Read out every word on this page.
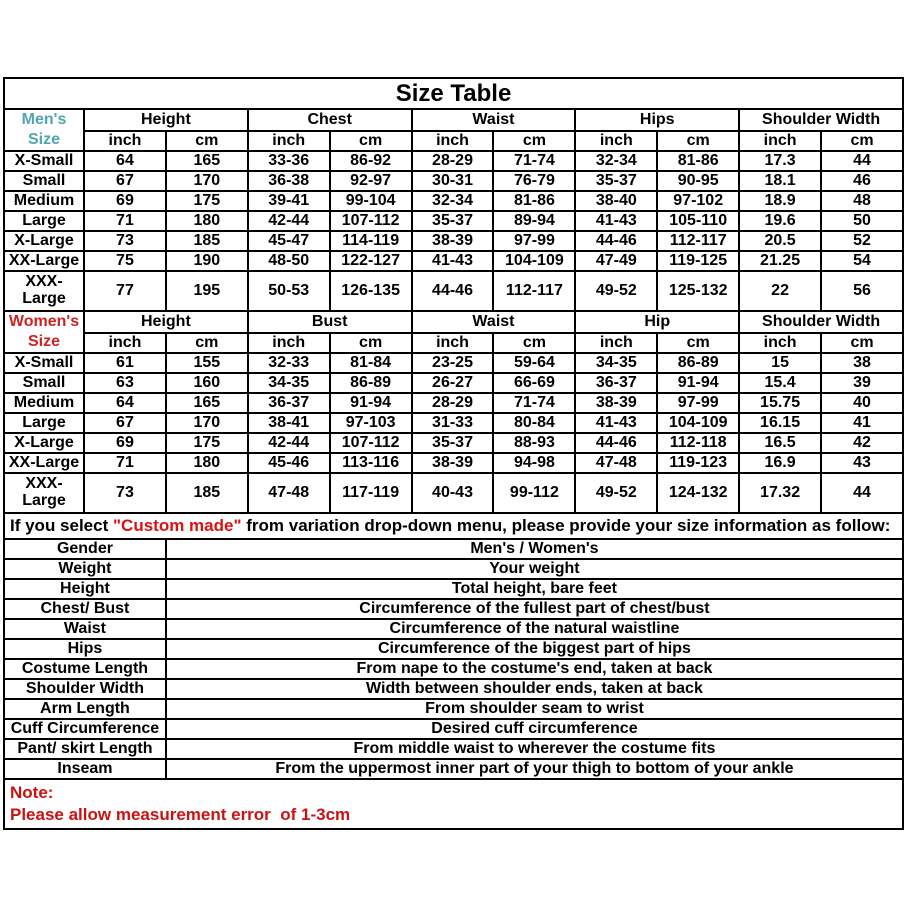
Size Table										
Men's Size	Height		Chest		Waist		Hips		Shoulder Width	
	inch	cm	inch	cm	inch	cm	inch	cm	inch	cm
X-Small	64	165	33-36	86-92	28-29	71-74	32-34	81-86	17.3	44
Small	67	170	36-38	92-97	30-31	76-79	35-37	90-95	18.1	46
Medium	69	175	39-41	99-104	32-34	81-86	38-40	97-102	18.9	48
Large	71	180	42-44	107-112	35-37	89-94	41-43	105-110	19.6	50
X-Large	73	185	45-47	114-119	38-39	97-99	44-46	112-117	20.5	52
XX-Large	75	190	48-50	122-127	41-43	104-109	47-49	119-125	21.25	54
XXX-Large	77	195	50-53	126-135	44-46	112-117	49-52	125-132	22	56
Women's Size	Height		Bust		Waist		Hip		Shoulder Width	
	inch	cm	inch	cm	inch	cm	inch	cm	inch	cm
X-Small	61	155	32-33	81-84	23-25	59-64	34-35	86-89	15	38
Small	63	160	34-35	86-89	26-27	66-69	36-37	91-94	15.4	39
Medium	64	165	36-37	91-94	28-29	71-74	38-39	97-99	15.75	40
Large	67	170	38-41	97-103	31-33	80-84	41-43	104-109	16.15	41
X-Large	69	175	42-44	107-112	35-37	88-93	44-46	112-118	16.5	42
XX-Large	71	180	45-46	113-116	38-39	94-98	47-48	119-123	16.9	43
XXX-Large	73	185	47-48	117-119	40-43	99-112	49-52	124-132	17.32	44
If you select "Custom made" from variation drop-down menu, please provide your size information as follow:										
Gender		Men's / Women's								
Weight		Your weight								
Height		Total height, bare feet								
Chest/ Bust		Circumference of the fullest part of chest/bust								
Waist		Circumference of the natural waistline								
Hips		Circumference of the biggest part of hips								
Costume Length		From nape to the costume's end, taken at back								
Shoulder Width		Width between shoulder ends, taken at back								
Arm Length		From shoulder seam to wrist								
Cuff Circumference		Desired cuff circumference								
Pant/ skirt Length		From middle waist to wherever the costume fits								
Inseam		From the uppermost inner part of your thigh to bottom of your ankle								

Note:
Please allow measurement error  of 1-3cm										
